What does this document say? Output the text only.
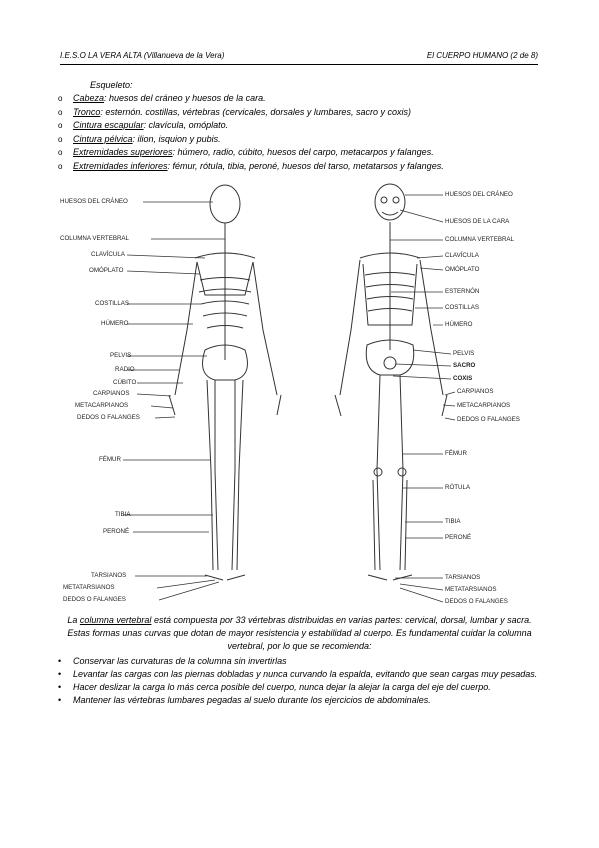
I.E.S.O LA VERA ALTA (Villanueva de la Vera)	El CUERPO HUMANO (2 de 8)
Esqueleto:
o Cabeza: huesos del cráneo y huesos de la cara.
o Tronco: esternón. costillas, vértebras (cervicales, dorsales y lumbares, sacro y coxis)
o Cintura escapular: clavícula, omóplato.
o Cintura pélvica: ilion, isquion y pubis.
o Extremidades superiores: húmero, radio, cúbito, huesos del carpo, metacarpos y falanges.
o Extremidades inferiores: fémur, rótula, tibia, peroné, huesos del tarso, metatarsos y falanges.
HUESOS DEL CRÁNEO
COLUMNA VERTEBRAL
CLAVÍCULA
OMÓPLATO
COSTILLAS
HÚMERO
PELVIS
RADIO
CÚBITO
CARPIANOS
METACARPIANOS
DEDOS O FALANGES
FÉMUR
TIBIA
PERONÉ
TARSIANOS
METATARSIANOS
DEDOS O FALANGES
HUESOS DEL CRÁNEO
HUESOS DE LA CARA
COLUMNA VERTEBRAL
CLAVÍCULA
OMÓPLATO
ESTERNÓN
COSTILLAS
HÚMERO
PELVIS
SACRO
COXIS
CARPIANOS
METACARPIANOS
DEDOS O FALANGES
FÉMUR
RÓTULA
TIBIA
PERONÉ
TARSIANOS
METATARSIANOS
DEDOS O FALANGES
La columna vertebral está compuesta por 33 vértebras distribuidas en varias partes: cervical, dorsal, lumbar y sacra. Estas formas unas curvas que dotan de mayor resistencia y estabilidad al cuerpo. Es fundamental cuidar la columna vertebral, por lo que se recomienda:
• Conservar las curvaturas de la columna sin invertirlas
• Levantar las cargas con las piernas dobladas y nunca curvando la espalda, evitando que sean cargas muy pesadas.
• Hacer deslizar la carga lo más cerca posible del cuerpo, nunca dejar la alejar la carga del eje del cuerpo.
• Mantener las vértebras lumbares pegadas al suelo durante los ejercicios de abdominales.
